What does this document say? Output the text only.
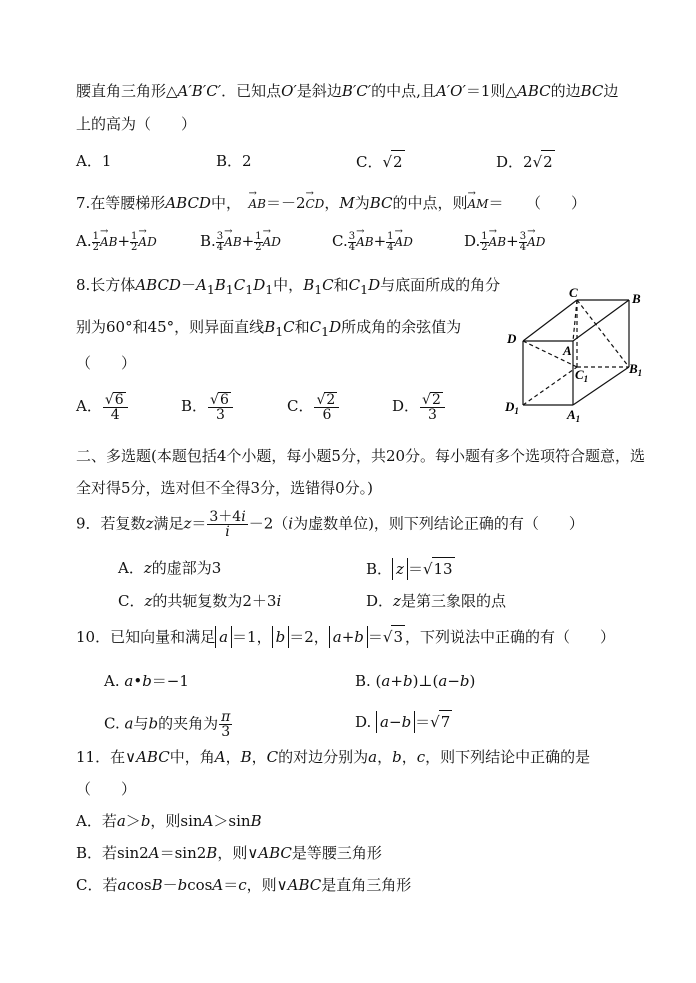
腰直角三角形△A′B′C′．已知点O′是斜边B′C′的中点,且A′O′＝1则△ABC的边BC边
上的高为（　　）
A．1	B．2	C．√2	D．2√2
7.在等腰梯形ABCD中，　→ AB＝－2→ CD，M为BC的中点，则→ AM＝　　（　　）
A. $\frac{1}{2}$
→ $AB+ \frac{1}{2}$
→ AD	B. $\frac{3}{4}$
→ $AB+ \frac{1}{2}$
→ AD	C. $\frac{3}{4}$
→ $AB+ \frac{1}{4}$
→ AD	D. $\frac{1}{2}$
→ $AB+ \frac{3}{4}$
→ AD
8.长方体$ABCD-A_1B_1C_1D_1$中，$B_1C$和$C_1D$与底面所成的角分
别为60°和45°，则异面直线$B_1C$和$C_1D$所成角的余弦值为
（　　）
A． $\frac{√6}{4}$	B． $\frac{√6}{3}$	C． $\frac{√2}{6}$	D． $\frac{√2}{3}$
C	B
D
A
$C_1$
$B_1$
$D_1$	$A_1$
二、多选题(本题包括4个小题，每小题5分，共20分。每小题有多个选项符合题意，选
全对得5分，选对但不全得3分，选错得0分。)
9．若复数z满足$z= \frac{3+4i}{i} -2(i$为虚数单位)，则下列结论正确的有（　　）
A．z的虚部为3	B． z ＝√13
C．z的共轭复数为2＋3i	D．z是第三象限的点
10．已知向量和满足 a ＝1， b ＝2， a+b ＝√3 ，下列说法中正确的有（　　）
A. a•b＝−1	B. (a+b)⊥(a−b)
C. a与b的夹角为 $\frac{\pi}{3}$	D. a−b ＝√7
11．在∨ABC中，角A，B，C的对边分别为a，b，c，则下列结论中正确的是
（　　）
A．若a＞b，则sinA＞sinB
B．若sin2A＝sin2B，则∨ABC是等腰三角形
C．若acosB－bcosA＝c，则∨ABC是直角三角形
